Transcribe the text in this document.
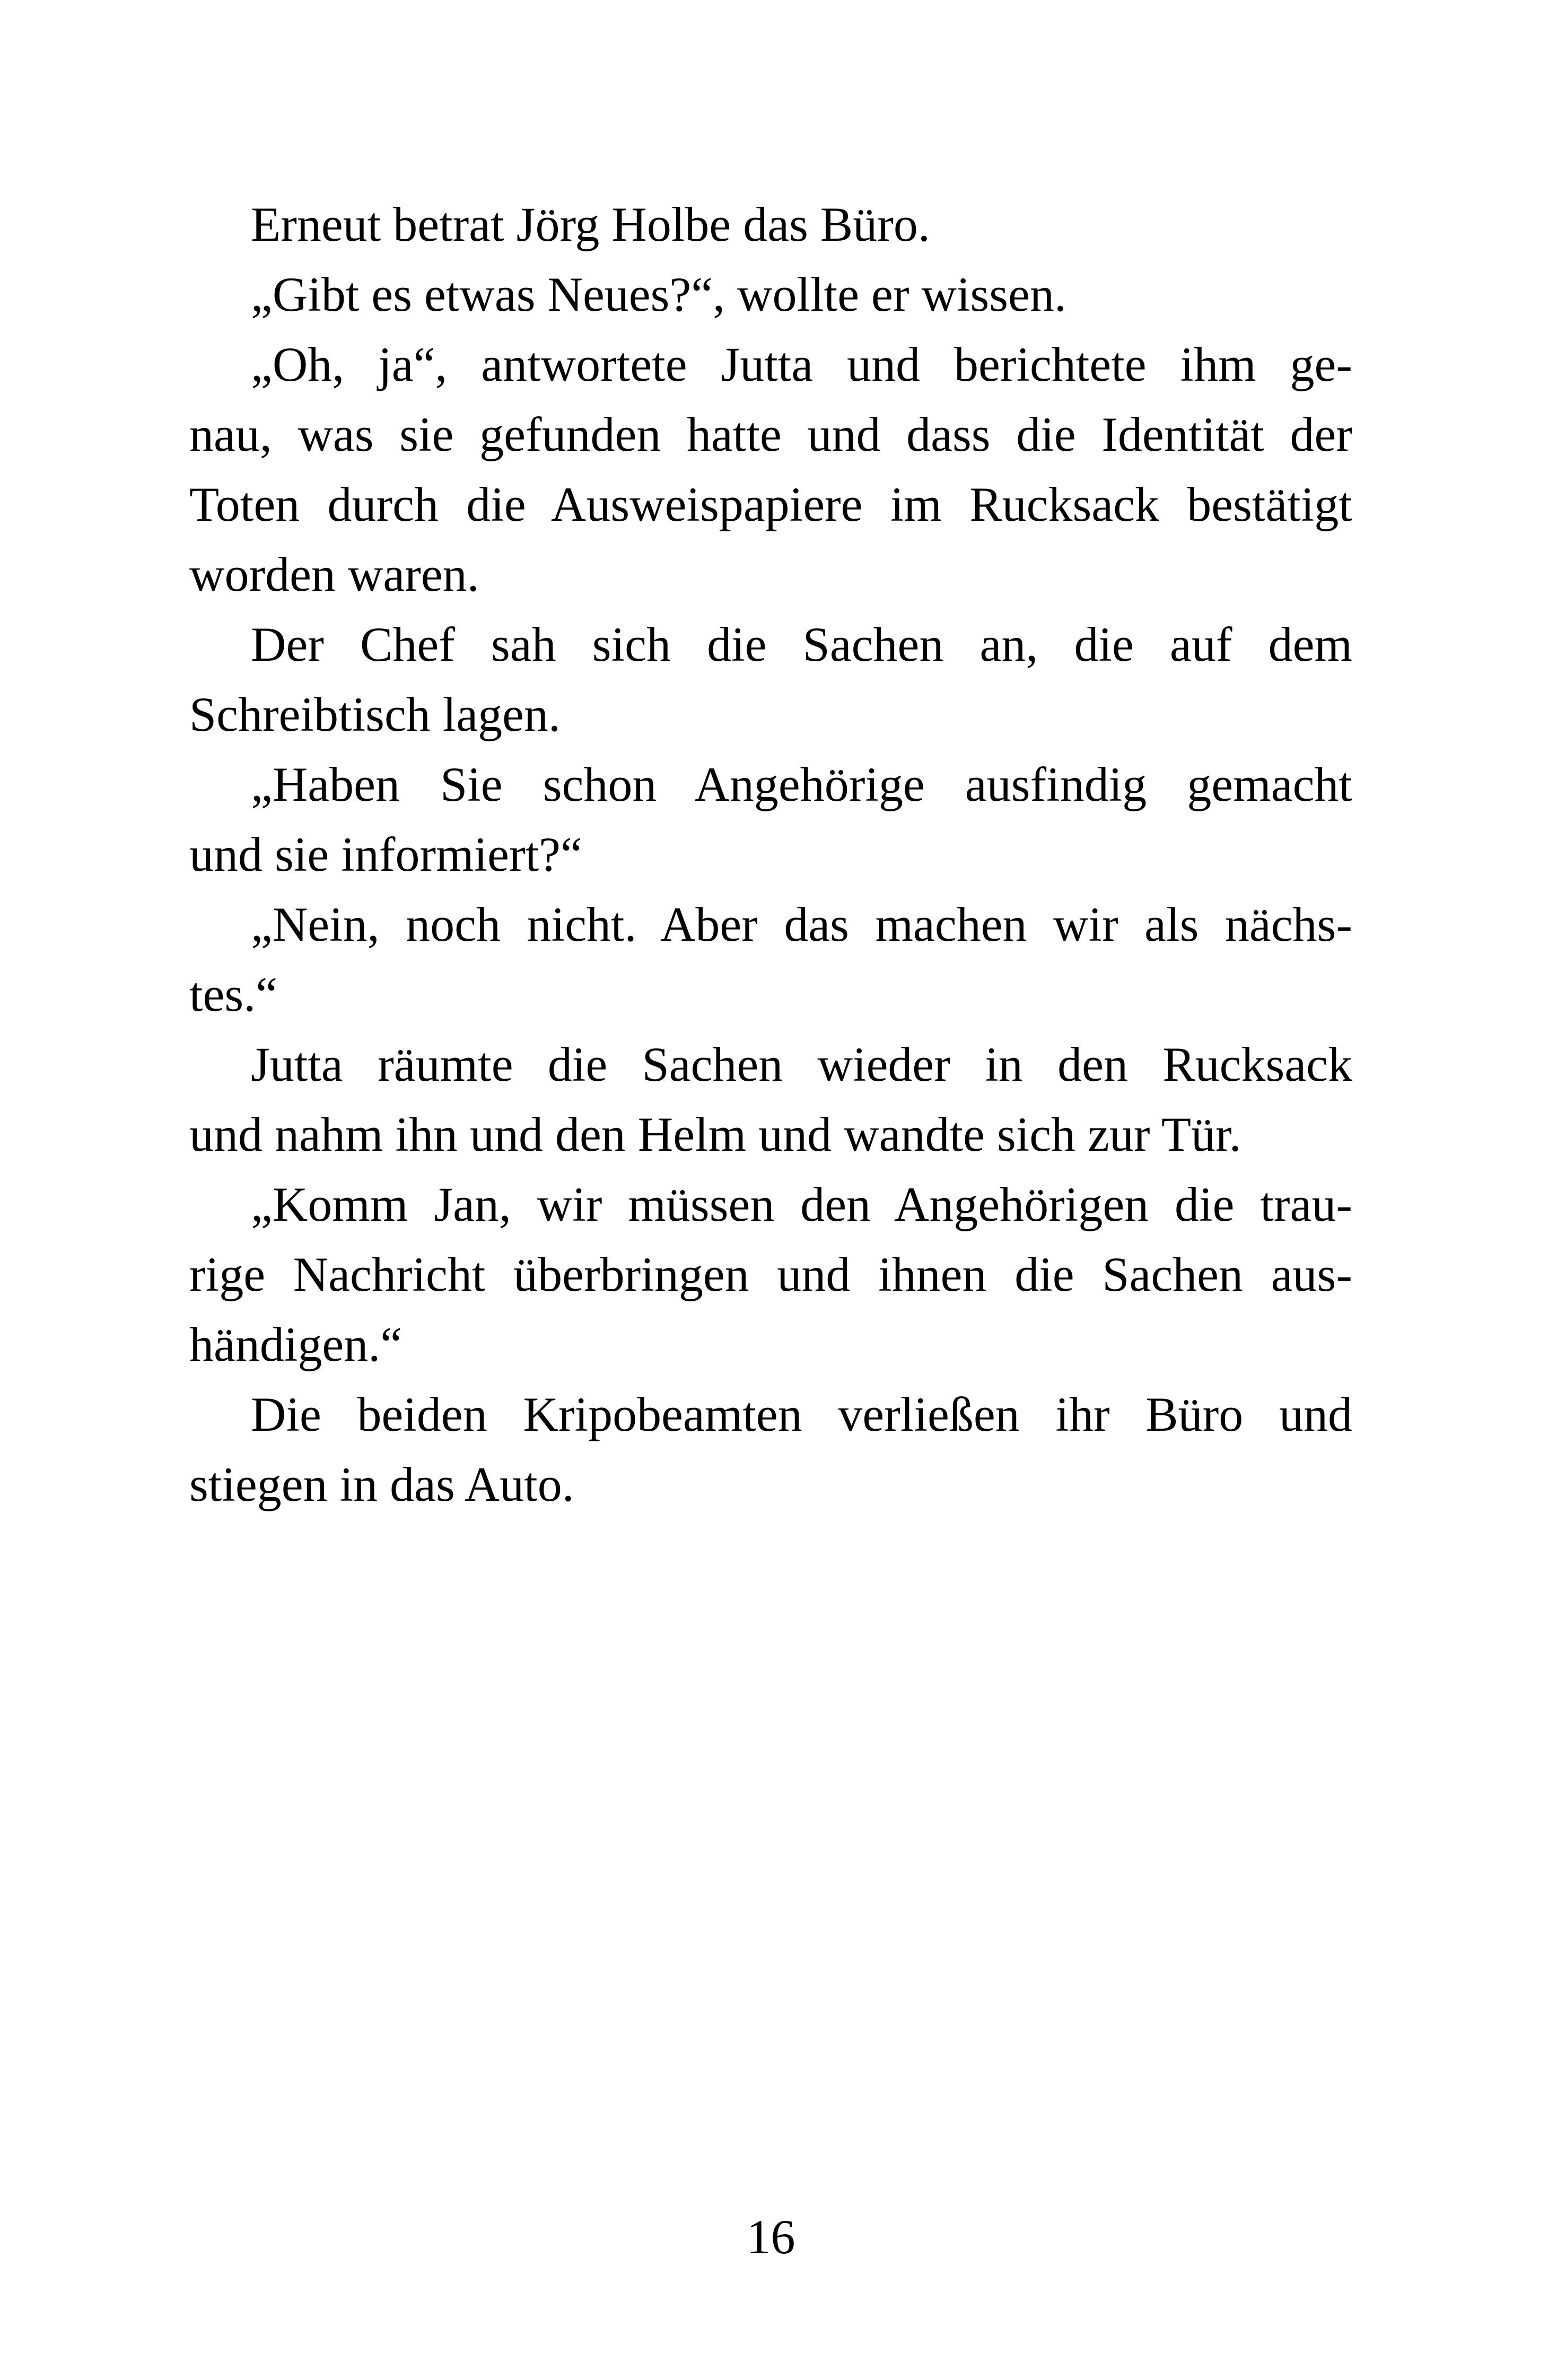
Erneut betrat Jörg Holbe das Büro.
„Gibt es etwas Neues?“, wollte er wissen.
„Oh, ja“, antwortete Jutta und berichtete ihm ge-
nau, was sie gefunden hatte und dass die Identität der
Toten durch die Ausweispapiere im Rucksack bestätigt
worden waren.
Der Chef sah sich die Sachen an, die auf dem
Schreibtisch lagen.
„Haben Sie schon Angehörige ausfindig gemacht
und sie informiert?“
„Nein, noch nicht. Aber das machen wir als nächs-
tes.“
Jutta räumte die Sachen wieder in den Rucksack
und nahm ihn und den Helm und wandte sich zur Tür.
„Komm Jan, wir müssen den Angehörigen die trau-
rige Nachricht überbringen und ihnen die Sachen aus-
händigen.“
Die beiden Kripobeamten verließen ihr Büro und
stiegen in das Auto.
16
